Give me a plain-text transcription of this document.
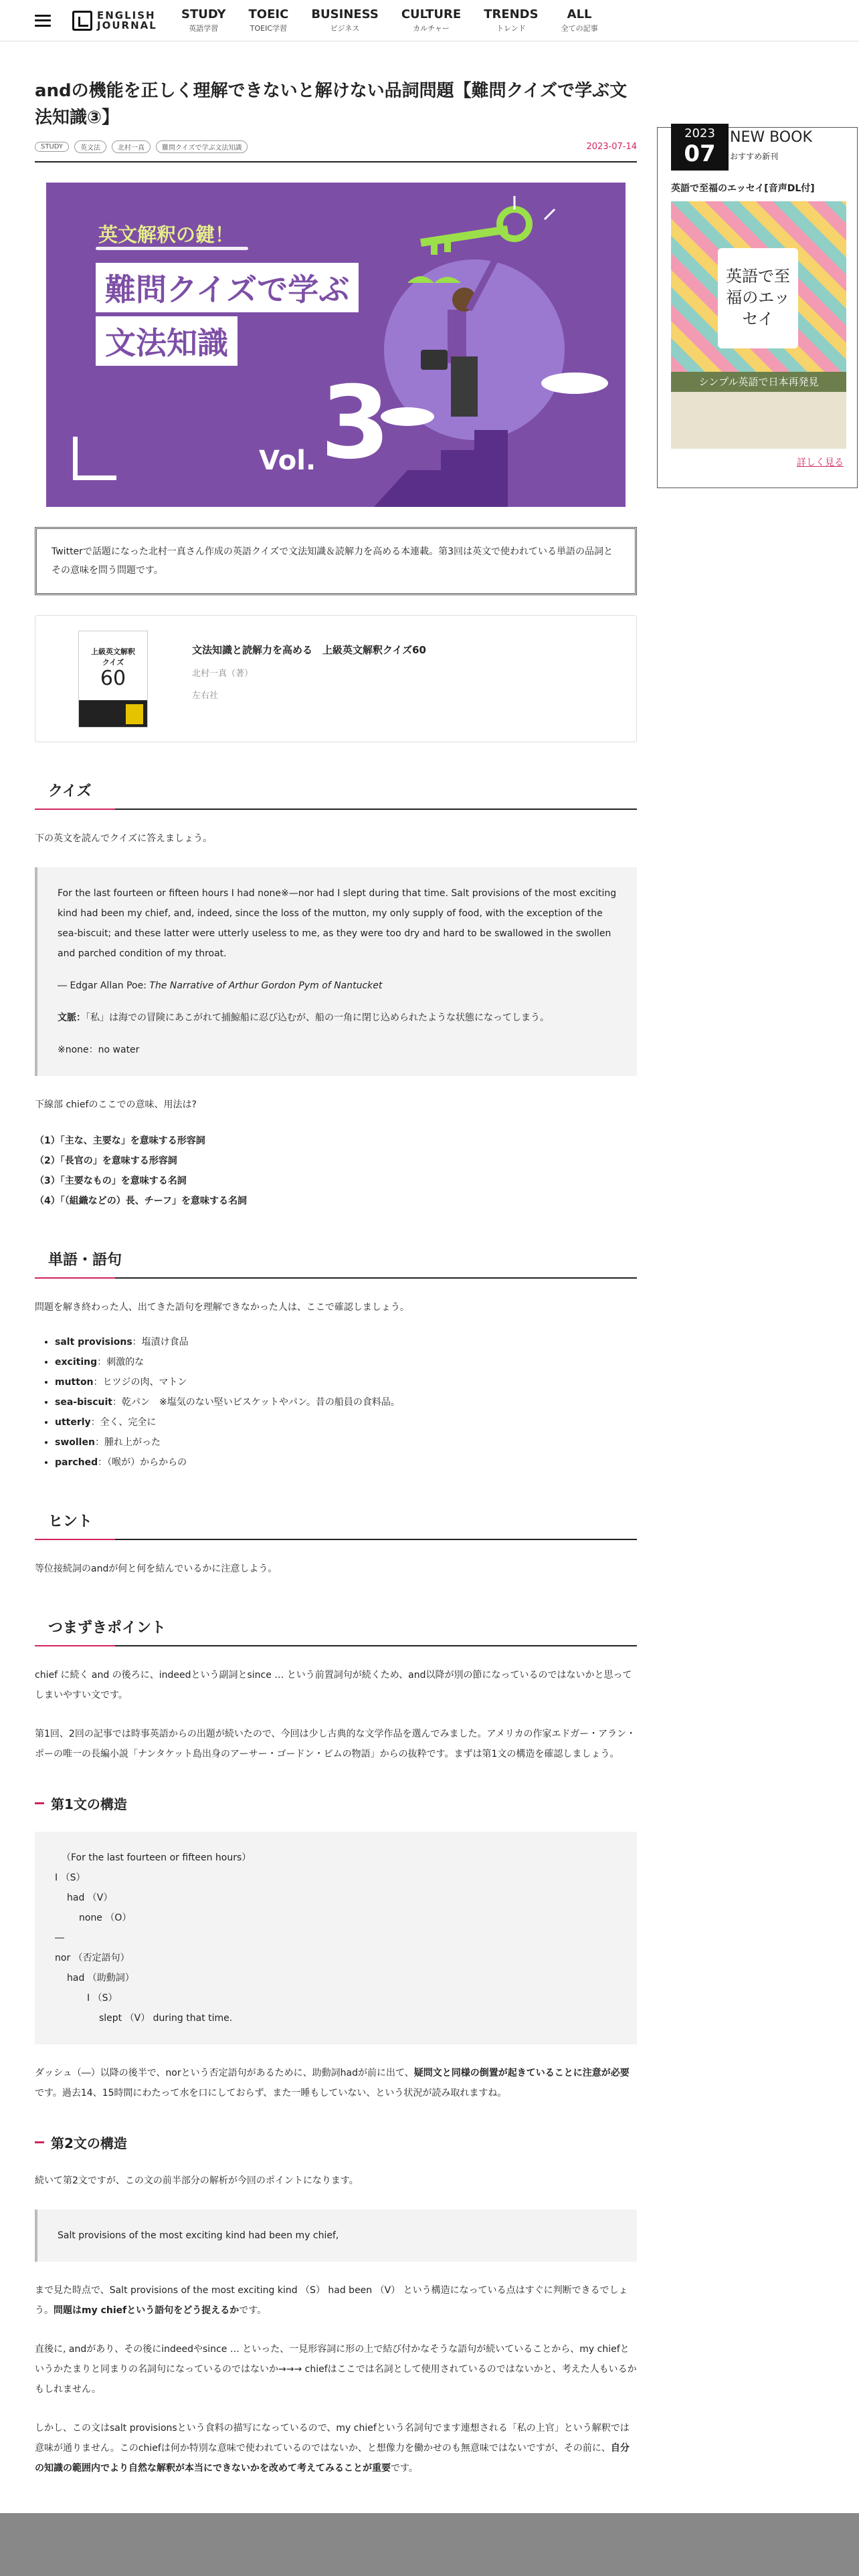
ENGLISH JOURNAL
STUDY
英語学習
TOEIC
TOEIC学習
BUSINESS
ビジネス
CULTURE
カルチャー
TRENDS
トレンド
ALL
全ての記事
andの機能を正しく理解できないと解けない品詞問題【難問クイズで学ぶ文法知識③】
STUDY	英文法	北村一真	難問クイズで学ぶ文法知識	2023-07-14
英文解釈の鍵！
難問クイズで学ぶ
文法知識
Vol. 3
Twitterで話題になった北村一真さん作成の英語クイズで文法知識＆読解力を高める本連載。第3回は英文で使われている単語の品詞とその意味を問う問題です。
上級英文解釈
クイズ
60
文法知識と読解力を高める　上級英文解釈クイズ60
北村一真（著）
左右社
クイズ

下の英文を読んでクイズに答えましょう。

For the last fourteen or fifteen hours I had none※—nor had I slept during that time. Salt provisions of the most exciting kind had been my chief, and, indeed, since the loss of the mutton, my only supply of food, with the exception of the sea-biscuit; and these latter were utterly useless to me, as they were too dry and hard to be swallowed in the swollen and parched condition of my throat.

― Edgar Allan Poe: The Narrative of Arthur Gordon Pym of Nantucket

文脈：「私」は海での冒険にあこがれて捕鯨船に忍び込むが、船の一角に閉じ込められたような状態になってしまう。

※none：no water

下線部 chiefのここでの意味、用法は?

（1）「主な、主要な」を意味する形容詞
（2）「長官の」を意味する形容詞
（3）「主要なもの」を意味する名詞
（4）「（組織などの）長、チーフ」を意味する名詞
単語・語句

問題を解き終わった人、出てきた語句を理解できなかった人は、ここで確認しましょう。

• salt provisions：塩漬け食品
• exciting：刺激的な
• mutton：ヒツジの肉、マトン
• sea-biscuit：乾パン　※塩気のない堅いビスケットやパン。昔の船員の食料品。
• utterly：全く、完全に
• swollen：腫れ上がった
• parched：（喉が）からからの
ヒント

等位接続詞のandが何と何を結んでいるかに注意しよう。

つまずきポイント

chief に続く and の後ろに、indeedという副詞とsince … という前置詞句が続くため、and以降が別の節になっているのではないかと思ってしまいやすい文です。

第1回、2回の記事では時事英語からの出題が続いたので、今回は少し古典的な文学作品を選んでみました。アメリカの作家エドガー・アラン・ポーの唯一の長編小説「ナンタケット島出身のアーサー・ゴードン・ピムの物語」からの抜粋です。まずは第1文の構造を確認しましょう。

第1文の構造
（For the last fourteen or fifteen hours）
I （S）
had （V）
none （O）
―
nor （否定語句）
had （助動詞）
I （S）
slept （V） during that time.

ダッシュ（―）以降の後半で、norという否定語句があるために、助動詞hadが前に出て、疑問文と同様の倒置が起きていることに注意が必要です。過去14、15時間にわたって水を口にしておらず、また一睡もしていない、という状況が読み取れますね。

第2文の構造

続いて第2文ですが、この文の前半部分の解析が今回のポイントになります。

Salt provisions of the most exciting kind had been my chief,

まで見た時点で、Salt provisions of the most exciting kind （S） had been （V） という構造になっている点はすぐに判断できるでしょう。問題はmy chiefという語句をどう捉えるかです。

直後に, andがあり、その後にindeedやsince … といった、一見形容詞に形の上で結び付かなそうな語句が続いていることから、my chiefというかたまりと同まりの名詞句になっているのではないか→→→ chiefはここでは名詞として使用されているのではないかと、考えた人もいるかもしれません。

しかし、この文はsalt provisionsという食料の描写になっているので、my chiefという名詞句でます連想される「私の上官」という解釈では意味が通りません。このchiefは何か特別な意味で使われているのではないか、と想像力を働かせのも無意味ではないですが、その前に、自分の知識の範囲内でより自然な解釈が本当にできないかを改めて考えてみることが重要です。

2023
07
NEW BOOK
おすすめ新刊
英語で至福のエッセイ[音声DL付]
英語で至福のエッセイ
シンプル英語で日本再発見
詳しく見る
